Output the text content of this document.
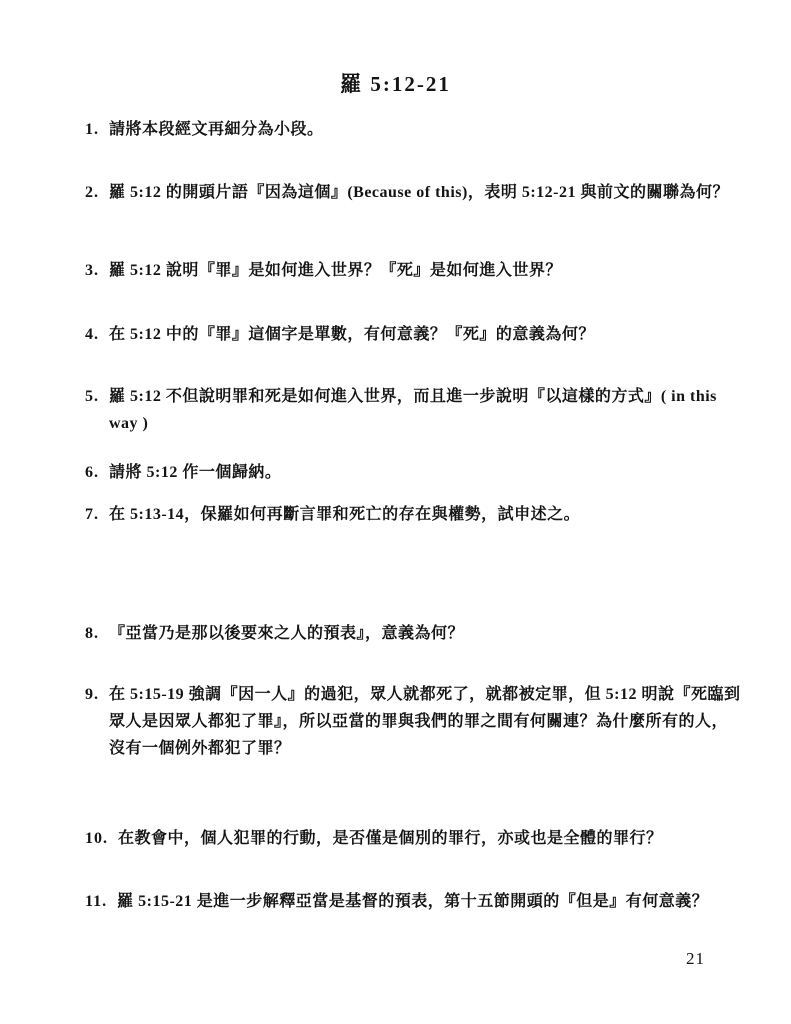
羅 5:12-21
1. 請將本段經文再細分為小段。
2. 羅 5:12 的開頭片語『因為這個』(Because of this)，表明 5:12-21 與前文的關聯為何？
3. 羅 5:12 說明『罪』是如何進入世界？『死』是如何進入世界？
4. 在 5:12 中的『罪』這個字是單數，有何意義？『死』的意義為何？
5. 羅 5:12 不但說明罪和死是如何進入世界，而且進一步說明『以這樣的方式』( in this
way )
6. 請將 5:12 作一個歸納。
7. 在 5:13-14，保羅如何再斷言罪和死亡的存在與權勢，試申述之。
8. 『亞當乃是那以後要來之人的預表』，意義為何？
9. 在 5:15-19 強調『因一人』的過犯，眾人就都死了，就都被定罪，但 5:12 明說『死臨到
眾人是因眾人都犯了罪』，所以亞當的罪與我們的罪之間有何關連？為什麼所有的人，
沒有一個例外都犯了罪？
10. 在教會中，個人犯罪的行動，是否僅是個別的罪行，亦或也是全體的罪行？
11. 羅 5:15-21 是進一步解釋亞當是基督的預表，第十五節開頭的『但是』有何意義？
21
